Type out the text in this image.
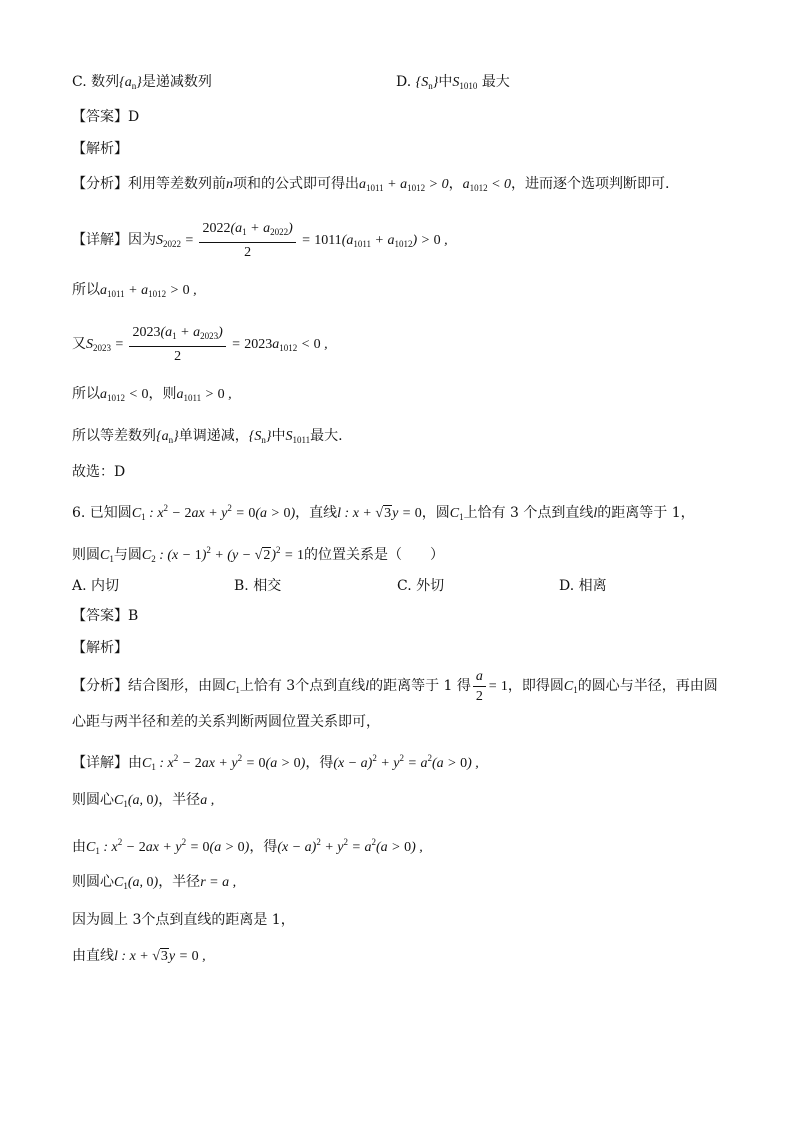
C. 数列$\{a_n\}$是递减数列	D. $\{S_n\}$中$S_{1010}$ 最大
【答案】D
【解析】
【分析】利用等差数列前n项和的公式即可得出$a_{1011} + a_{1012} > 0$，$a_{1012} < 0$，进而逐个选项判断即可.
【详解】因为$S_{2022} = \frac{2022(a_1 + a_{2022})}{2} = 1011(a_{1011} + a_{1012}) > 0$ ,
所以$a_{1011} + a_{1012} > 0$ ,
又$S_{2023} = \frac{2023(a_1 + a_{2023})}{2} = 2023a_{1012} < 0$ ,
所以$a_{1012} < 0$，则$a_{1011} > 0$ ,
所以等差数列$\{a_n\}$单调递减，$\{S_n\}$中$S_{1011}$最大.
故选：D
6. 已知圆$C_1$ : $x^2 - 2ax + y^2 = 0(a > 0)$，直线l : x + √3y = 0，圆$C_1$上恰有 3 个点到直线l的距离等于 1，
则圆$C_1$与圆$C_2$ : $(x - 1)^2 + (y - √2)^2 = 1$的位置关系是（　　）
A. 内切	B. 相交	C. 外切	D. 相离
【答案】B
【解析】
【分析】结合图形，由圆$C_1$上恰有 3个点到直线l的距离等于 1 得 $\frac{a}{2} = 1$，即得圆$C_1$的圆心与半径，再由圆
心距与两半径和差的关系判断两圆位置关系即可，
【详解】由$C_1$ : $x^2 - 2ax + y^2 = 0(a > 0)$，得$(x - a)^2 + y^2 = a^2(a > 0)$ ,
则圆心$C_1(a$, 0)，半径a ,
由$C_1$ : $x^2 - 2ax + y^2 = 0(a > 0)$，得$(x - a)^2 + y^2 = a^2(a > 0)$ ,
则圆心$C_1(a$, 0)，半径r = a ,
因为圆上 3个点到直线的距离是 1，
由直线l : x + √3y = 0 ,
